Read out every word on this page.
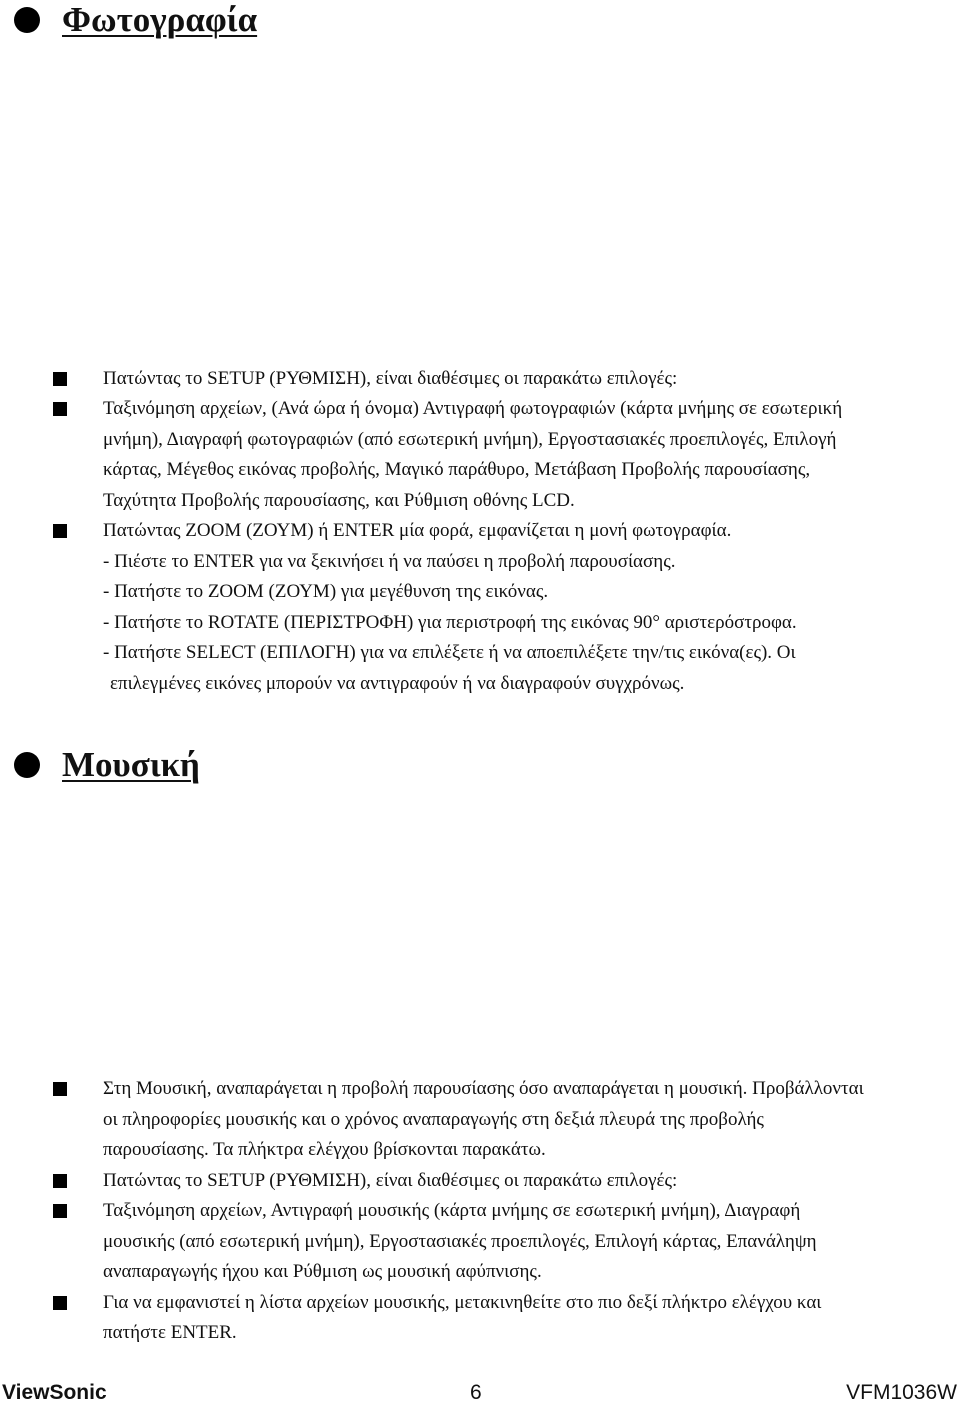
Φωτογραφία
Πατώντας το SETUP (ΡΥΘΜΙΣΗ), είναι διαθέσιμες οι παρακάτω επιλογές:
Ταξινόμηση αρχείων, (Ανά ώρα ή όνομα) Αντιγραφή φωτογραφιών (κάρτα μνήμης σε εσωτερική
μνήμη), Διαγραφή φωτογραφιών (από εσωτερική μνήμη), Εργοστασιακές προεπιλογές, Επιλογή
κάρτας, Μέγεθος εικόνας προβολής, Μαγικό παράθυρο, Μετάβαση Προβολής παρουσίασης,
Ταχύτητα Προβολής παρουσίασης, και Ρύθμιση οθόνης LCD.
Πατώντας ZOOM (ΖΟΥΜ) ή ENTER μία φορά, εμφανίζεται η μονή φωτογραφία.
- Πιέστε το ENTER για να ξεκινήσει ή να παύσει η προβολή παρουσίασης.
- Πατήστε το ZOOM (ΖΟΥΜ) για μεγέθυνση της εικόνας.
- Πατήστε το ROTATE (ΠΕΡΙΣΤΡΟΦΗ) για περιστροφή της εικόνας 90° αριστερόστροφα.
- Πατήστε SELECT (ΕΠΙΛΟΓΗ) για να επιλέξετε ή να αποεπιλέξετε την/τις εικόνα(ες). Οι
επιλεγμένες εικόνες μπορούν να αντιγραφούν ή να διαγραφούν συγχρόνως.
Μουσική
Στη Μουσική, αναπαράγεται η προβολή παρουσίασης όσο αναπαράγεται η μουσική. Προβάλλονται
οι πληροφορίες μουσικής και ο χρόνος αναπαραγωγής στη δεξιά πλευρά της προβολής
παρουσίασης. Τα πλήκτρα ελέγχου βρίσκονται παρακάτω.
Πατώντας το SETUP (ΡΥΘΜΙΣΗ), είναι διαθέσιμες οι παρακάτω επιλογές:
Ταξινόμηση αρχείων, Αντιγραφή μουσικής (κάρτα μνήμης σε εσωτερική μνήμη), Διαγραφή
μουσικής (από εσωτερική μνήμη), Εργοστασιακές προεπιλογές, Επιλογή κάρτας, Επανάληψη
αναπαραγωγής ήχου και Ρύθμιση ως μουσική αφύπνισης.
Για να εμφανιστεί η λίστα αρχείων μουσικής, μετακινηθείτε στο πιο δεξί πλήκτρο ελέγχου και
πατήστε ENTER.
ViewSonic	6	VFM1036W
